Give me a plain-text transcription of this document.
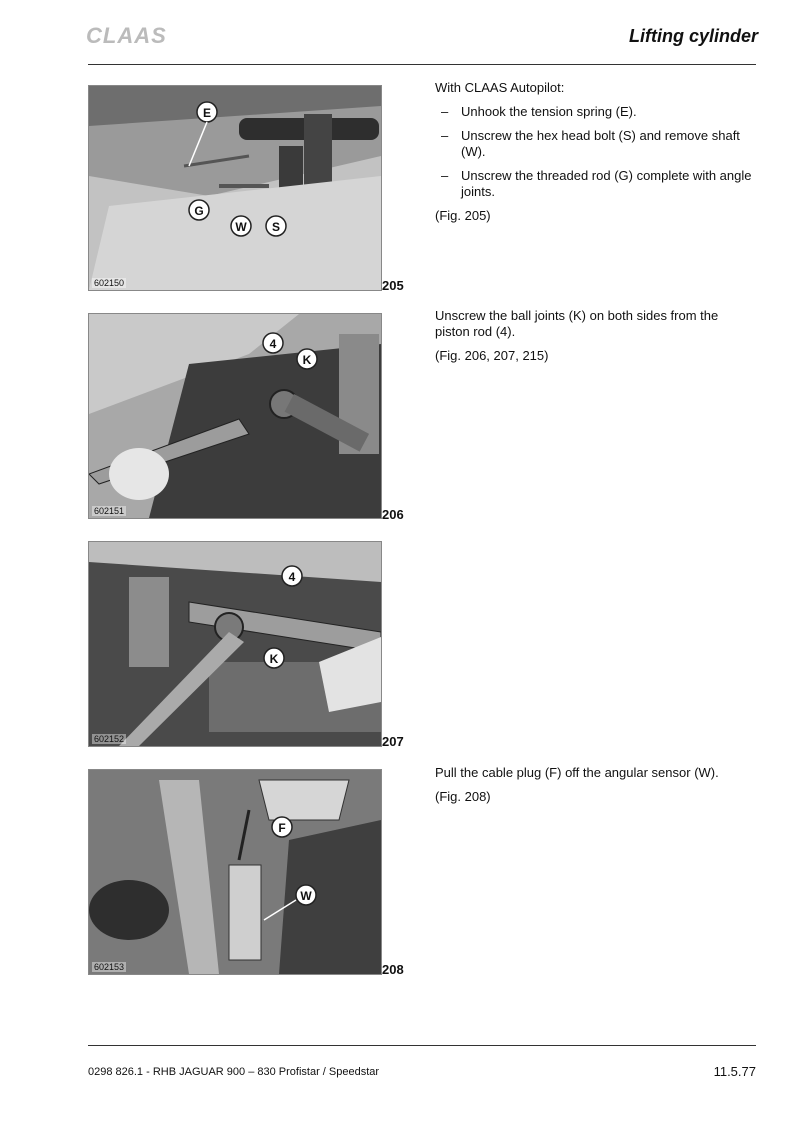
CLAAS	Lifting cylinder
E
G
W S
602150	205
4
K
602151	206
4
K
602152	207
F
W
602153	208

With CLAAS Autopilot:

– Unhook the tension spring (E).
– Unscrew the hex head bolt (S) and remove shaft (W).
– Unscrew the threaded rod (G) complete with angle joints.

(Fig. 205)

Unscrew the ball joints (K) on both sides from the piston rod (4).

(Fig. 206, 207, 215)

Pull the cable plug (F) off the angular sensor (W).

(Fig. 208)

0298 826.1 - RHB JAGUAR 900 – 830 Profistar / Speedstar	11.5.77
